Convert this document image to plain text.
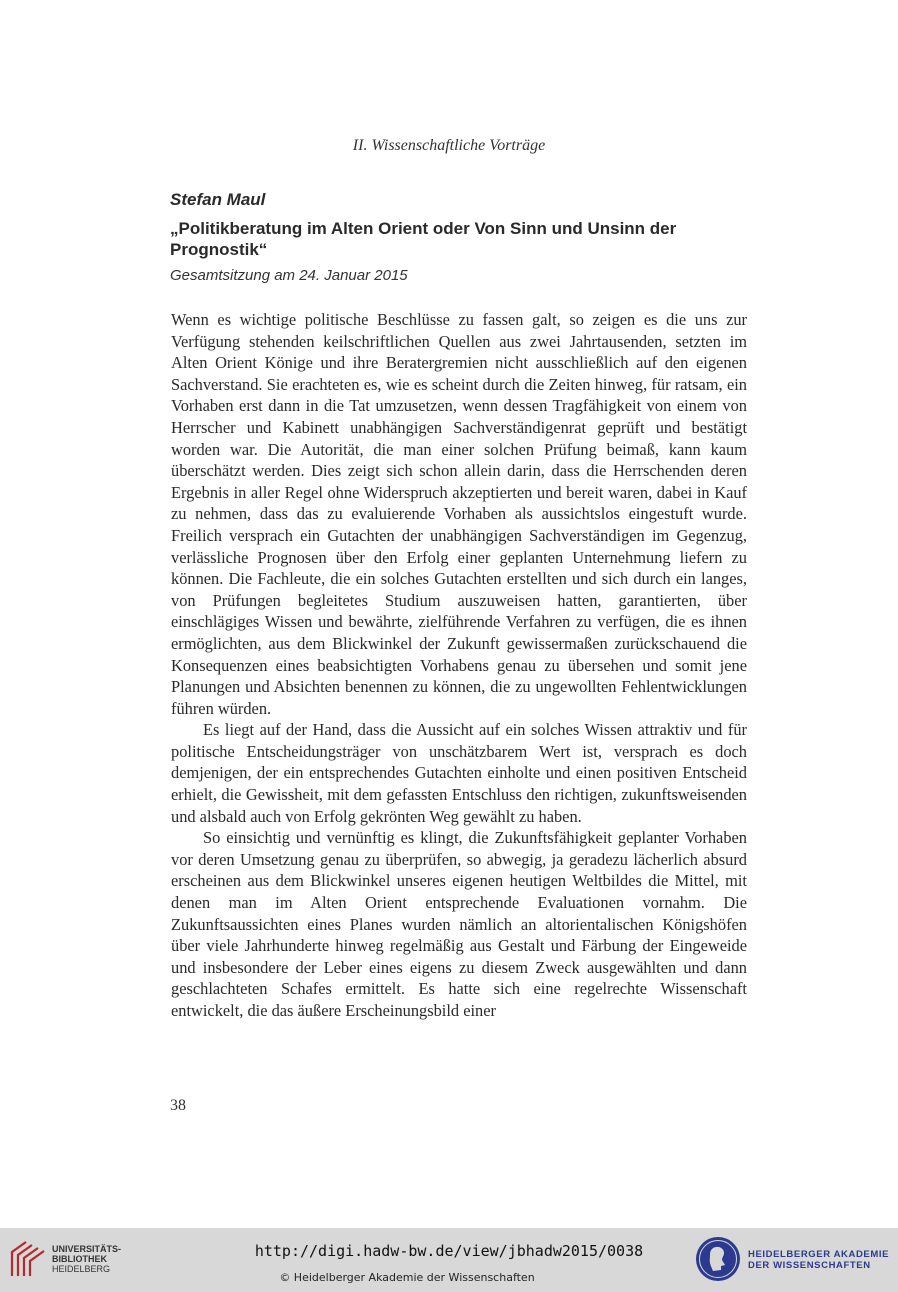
II. Wissenschaftliche Vorträge
Stefan Maul
„Politikberatung im Alten Orient oder Von Sinn und Unsinn der Prognostik“
Gesamtsitzung am 24. Januar 2015

Wenn es wichtige politische Beschlüsse zu fassen galt, so zeigen es die uns zur Verfügung stehenden keilschriftlichen Quellen aus zwei Jahrtausenden, setzten im Alten Orient Könige und ihre Beratergremien nicht ausschließlich auf den eigenen Sachverstand. Sie erachteten es, wie es scheint durch die Zeiten hinweg, für ratsam, ein Vorhaben erst dann in die Tat umzusetzen, wenn dessen Tragfähigkeit von einem von Herrscher und Kabinett unabhängigen Sachverständigenrat geprüft und bestätigt worden war. Die Autorität, die man einer solchen Prüfung beimaß, kann kaum überschätzt werden. Dies zeigt sich schon allein darin, dass die Herrschenden deren Ergebnis in aller Regel ohne Widerspruch akzeptierten und bereit waren, dabei in Kauf zu nehmen, dass das zu evaluierende Vorhaben als aussichtslos eingestuft wurde. Freilich versprach ein Gutachten der unabhängigen Sachverständigen im Gegenzug, verlässliche Prognosen über den Erfolg einer geplanten Unternehmung liefern zu können. Die Fachleute, die ein solches Gutachten erstellten und sich durch ein langes, von Prüfungen begleitetes Studium auszuweisen hatten, garantierten, über einschlägiges Wissen und bewährte, zielführende Verfahren zu verfügen, die es ihnen ermöglichten, aus dem Blickwinkel der Zukunft gewissermaßen zurückschauend die Konsequenzen eines beabsichtigten Vorhabens genau zu übersehen und somit jene Planungen und Absichten benennen zu können, die zu ungewollten Fehlentwicklungen führen würden.

Es liegt auf der Hand, dass die Aussicht auf ein solches Wissen attraktiv und für politische Entscheidungsträger von unschätzbarem Wert ist, versprach es doch demjenigen, der ein entsprechendes Gutachten einholte und einen positiven Entscheid erhielt, die Gewissheit, mit dem gefassten Entschluss den richtigen, zukunftsweisenden und alsbald auch von Erfolg gekrönten Weg gewählt zu haben.

So einsichtig und vernünftig es klingt, die Zukunftsfähigkeit geplanter Vorhaben vor deren Umsetzung genau zu überprüfen, so abwegig, ja geradezu lächerlich absurd erscheinen aus dem Blickwinkel unseres eigenen heutigen Weltbildes die Mittel, mit denen man im Alten Orient entsprechende Evaluationen vornahm. Die Zukunftsaussichten eines Planes wurden nämlich an altorientalischen Königshöfen über viele Jahrhunderte hinweg regelmäßig aus Gestalt und Färbung der Eingeweide und insbesondere der Leber eines eigens zu diesem Zweck ausgewählten und dann geschlachteten Schafes ermittelt. Es hatte sich eine regelrechte Wissenschaft entwickelt, die das äußere Erscheinungsbild einer

38
UNIVERSITÄTS-
BIBLIOTHEK
HEIDELBERG
http://digi.hadw-bw.de/view/jbhadw2015/0038
© Heidelberger Akademie der Wissenschaften
HEIDELBERGER AKADEMIE
DER WISSENSCHAFTEN
